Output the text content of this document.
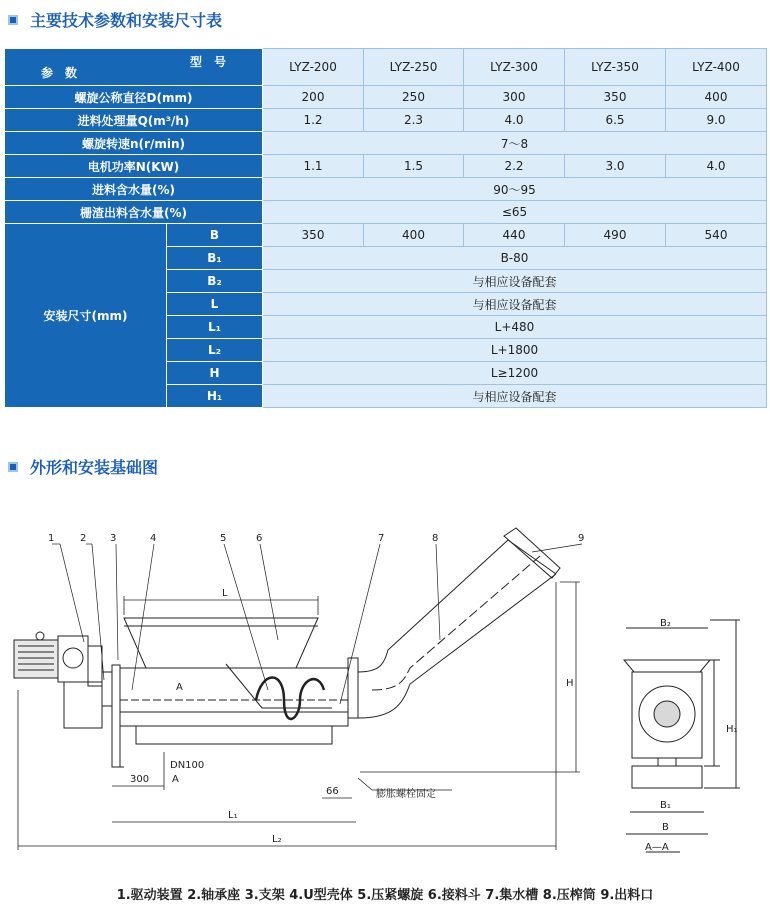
主要技术参数和安装尺寸表
型　号
参　数		LYZ-200	LYZ-250	LYZ-300	LYZ-350	LYZ-400
螺旋公称直径D(mm)		200	250	300	350	400
进料处理量Q(m³/h)		1.2	2.3	4.0	6.5	9.0
螺旋转速n(r/min)		7～8				
电机功率N(KW)		1.1	1.5	2.2	3.0	4.0
进料含水量(%)		90～95				
栅渣出料含水量(%)		≤65				
安装尺寸(mm)	B	350	400	440	490	540
	B₁	B-80				
	B₂	与相应设备配套				
	L	与相应设备配套				
	L₁	L+480				
	L₂	L+1800				
	H	L≥1200				
	H₁	与相应设备配套				
外形和安装基础图
1	2 3	4	5	6	7	8	9
L
L₁
L₂
H
H₁
B₂
B₁
B
300
66
DN100
A
A
A—A
膨胀螺栓固定
1.驱动装置 2.轴承座 3.支架 4.U型壳体 5.压紧螺旋 6.接料斗 7.集水槽 8.压榨筒 9.出料口
